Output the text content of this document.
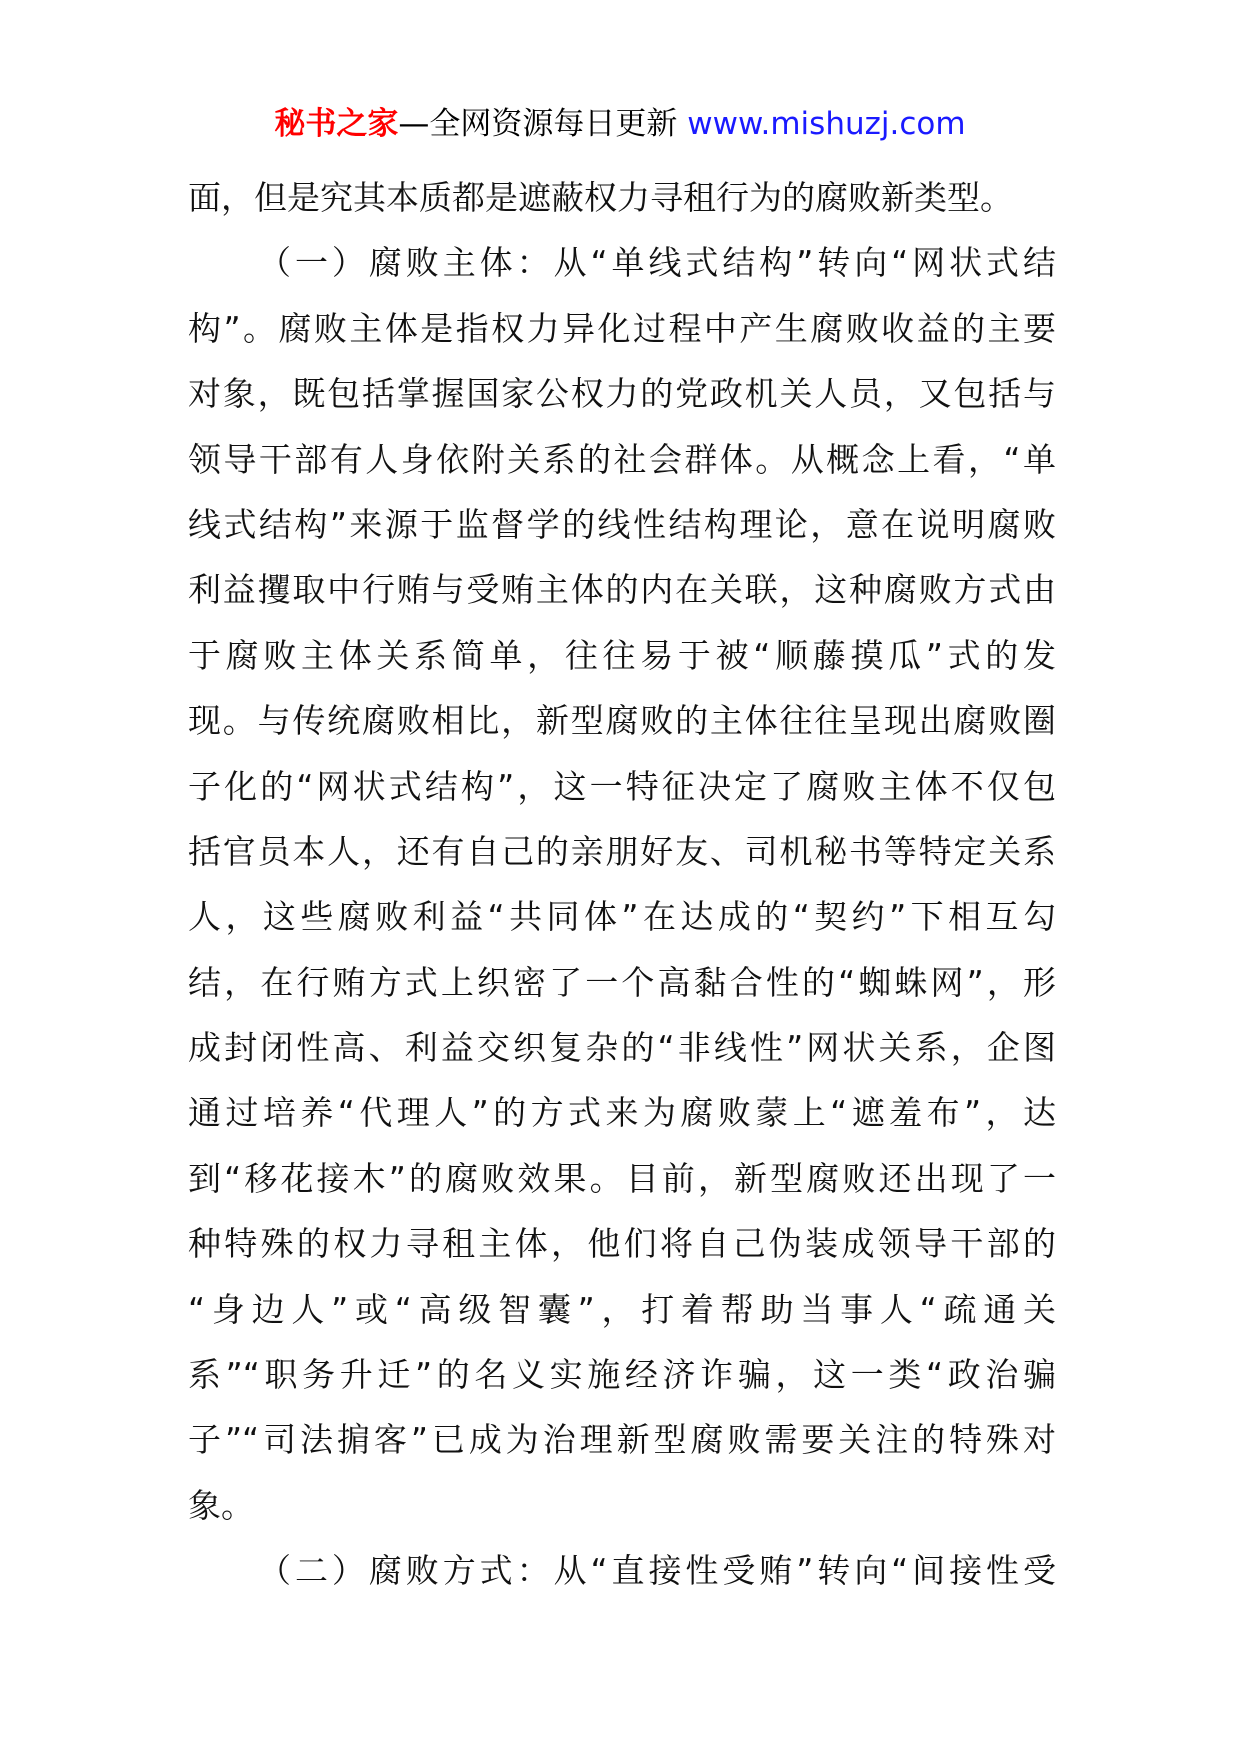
秘书之家—全网资源每日更新 www.mishuzj.com
面，但是究其本质都是遮蔽权力寻租行为的腐败新类型。
（一）腐败主体：从“单线式结构”转向“网状式结
构”。腐败主体是指权力异化过程中产生腐败收益的主要
对象，既包括掌握国家公权力的党政机关人员，又包括与
领导干部有人身依附关系的社会群体。从概念上看，“单
线式结构”来源于监督学的线性结构理论，意在说明腐败
利益攫取中行贿与受贿主体的内在关联，这种腐败方式由
于腐败主体关系简单，往往易于被“顺藤摸瓜”式的发
现。与传统腐败相比，新型腐败的主体往往呈现出腐败圈
子化的“网状式结构”，这一特征决定了腐败主体不仅包
括官员本人，还有自己的亲朋好友、司机秘书等特定关系
人，这些腐败利益“共同体”在达成的“契约”下相互勾
结，在行贿方式上织密了一个高黏合性的“蜘蛛网”，形
成封闭性高、利益交织复杂的“非线性”网状关系，企图
通过培养“代理人”的方式来为腐败蒙上“遮羞布”，达
到“移花接木”的腐败效果。目前，新型腐败还出现了一
种特殊的权力寻租主体，他们将自己伪装成领导干部的
“身边人”或“高级智囊”，打着帮助当事人“疏通关
系”“职务升迁”的名义实施经济诈骗，这一类“政治骗
子”“司法掮客”已成为治理新型腐败需要关注的特殊对
象。
（二）腐败方式：从“直接性受贿”转向“间接性受
